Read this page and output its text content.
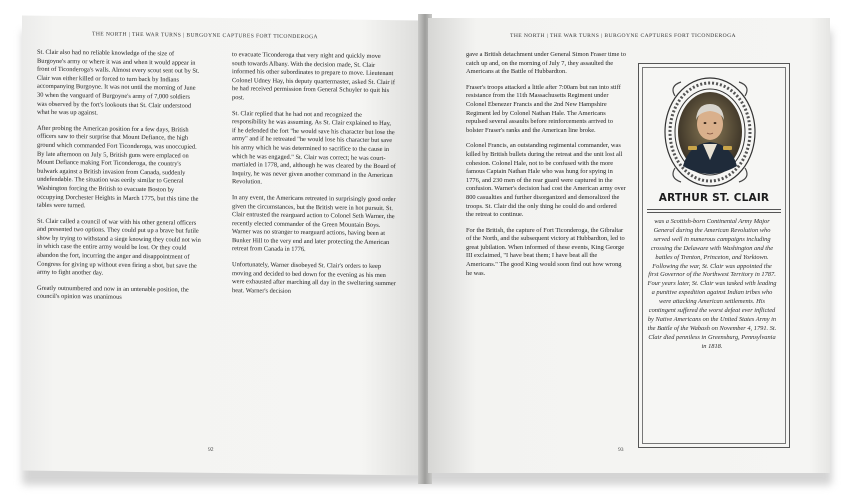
THE NORTH | THE WAR TURNS | BURGOYNE CAPTURES FORT TICONDEROGA

St. Clair also had no reliable knowledge of the size of Burgoyne's army or where it was and when it would appear in front of Ticonderoga's walls. Almost every scout sent out by St. Clair was either killed or forced to turn back by Indians accompanying Burgoyne. It was not until the morning of June 30 when the vanguard of Burgoyne's army of 7,000 soldiers was observed by the fort's lookouts that St. Clair understood what he was up against.

After probing the American position for a few days, British officers saw to their surprise that Mount Defiance, the high ground which commanded Fort Ticonderoga, was unoccupied. By late afternoon on July 5, British guns were emplaced on Mount Defiance making Fort Ticonderoga, the country's bulwark against a British invasion from Canada, suddenly undefendable. The situation was eerily similar to General Washington forcing the British to evacuate Boston by occupying Dorchester Heights in March 1775, but this time the tables were turned.

St. Clair called a council of war with his other general officers and presented two options. They could put up a brave but futile show by trying to withstand a siege knowing they could not win in which case the entire army would be lost. Or they could abandon the fort, incurring the anger and disappointment of Congress for giving up without even firing a shot, but save the army to fight another day.

Greatly outnumbered and now in an untenable position, the council's opinion was unanimous

to evacuate Ticonderoga that very night and quickly move south towards Albany. With the decision made, St. Clair informed his other subordinates to prepare to move. Lieutenant Colonel Udney Hay, his deputy quartermaster, asked St. Clair if he had received permission from General Schuyler to quit his post.

St. Clair replied that he had not and recognized the responsibility he was assuming. As St. Clair explained to Hay, if he defended the fort "he would save his character but lose the army" and if he retreated "he would lose his character but save his army which he was determined to sacrifice to the cause in which he was engaged." St. Clair was correct; he was court-martialed in 1778, and, although he was cleared by the Board of Inquiry, he was never given another command in the American Revolution.

In any event, the Americans retreated in surprisingly good order given the circumstances, but the British were in hot pursuit. St. Clair entrusted the rearguard action to Colonel Seth Warner, the recently elected commander of the Green Mountain Boys. Warner was no stranger to rearguard actions, having been at Bunker Hill to the very end and later protecting the American retreat from Canada in 1776.

Unfortunately, Warner disobeyed St. Clair's orders to keep moving and decided to bed down for the evening as his men were exhausted after marching all day in the sweltering summer heat. Warner's decision

92
THE NORTH | THE WAR TURNS | BURGOYNE CAPTURES FORT TICONDEROGA

gave a British detachment under General Simon Fraser time to catch up and, on the morning of July 7, they assaulted the Americans at the Battle of Hubbardton.

Fraser's troops attacked a little after 7:00am but ran into stiff resistance from the 11th Massachusetts Regiment under Colonel Ebenezer Francis and the 2nd New Hampshire Regiment led by Colonel Nathan Hale. The Americans repulsed several assaults before reinforcements arrived to bolster Fraser's ranks and the American line broke.

Colonel Francis, an outstanding regimental commander, was killed by British bullets during the retreat and the unit lost all cohesion. Colonel Hale, not to be confused with the more famous Captain Nathan Hale who was hung for spying in 1776, and 230 men of the rear guard were captured in the confusion. Warner's decision had cost the American army over 800 casualties and further disorganized and demoralized the troops. St. Clair did the only thing he could do and ordered the retreat to continue.

For the British, the capture of Fort Ticonderoga, the Gibraltar of the North, and the subsequent victory at Hubbardton, led to great jubilation. When informed of these events, King George III exclaimed, "I have beat them; I have beat all the Americans." The good King would soon find out how wrong he was.

ARTHUR ST. CLAIR
was a Scottish-born Continental Army Major General during the American Revolution who served well in numerous campaigns including crossing the Delaware with Washington and the battles of Trenton, Princeton, and Yorktown. Following the war, St. Clair was appointed the first Governor of the Northwest Territory in 1787. Four years later, St. Clair was tasked with leading a punitive expedition against Indian tribes who were attacking American settlements. His contingent suffered the worst defeat ever inflicted by Native Americans on the United States Army in the Battle of the Wabash on November 4, 1791. St. Clair died penniless in Greensburg, Pennsylvania in 1818.
93
